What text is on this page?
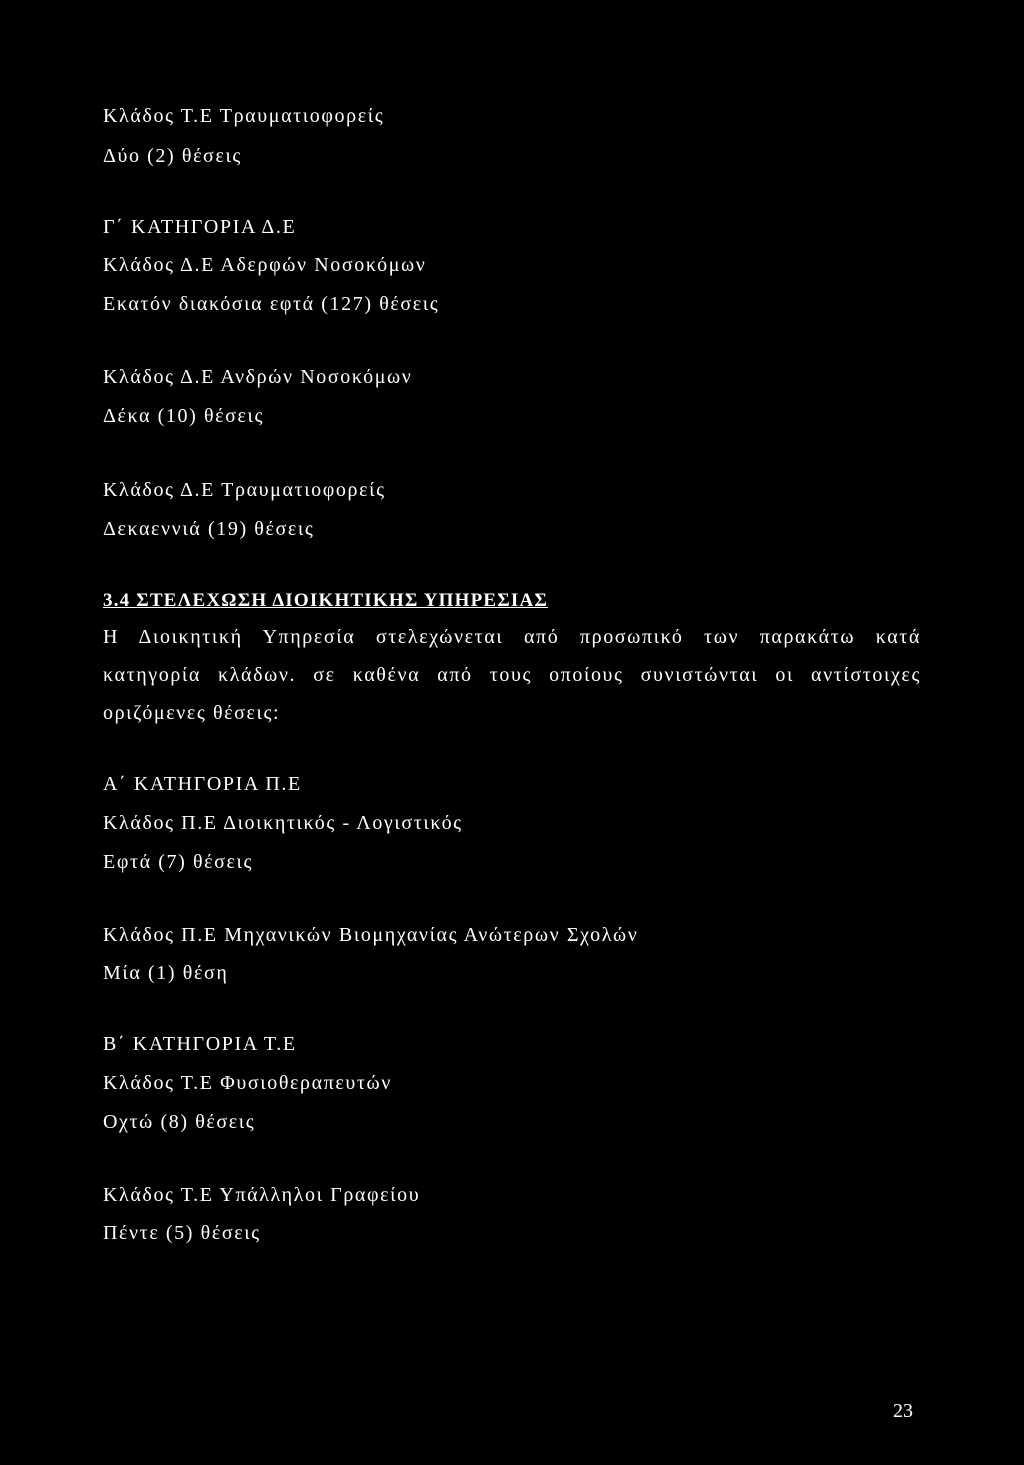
Κλάδος Τ.Ε Τραυματιοφορείς
Δύο (2) θέσεις
Γ΄ ΚΑΤΗΓΟΡΙΑ Δ.Ε
Κλάδος Δ.Ε Αδερφών Νοσοκόμων
Εκατόν διακόσια εφτά (127) θέσεις
Κλάδος Δ.Ε Ανδρών Νοσοκόμων
Δέκα (10) θέσεις
Κλάδος Δ.Ε Τραυματιοφορείς
Δεκαεννιά (19) θέσεις
3.4 ΣΤΕΛΕΧΩΣΗ ΔΙΟΙΚΗΤΙΚΗΣ ΥΠΗΡΕΣΙΑΣ
Η Διοικητική Υπηρεσία στελεχώνεται από προσωπικό των παρακάτω κατά
κατηγορία κλάδων. σε καθένα από τους οποίους συνιστώνται οι αντίστοιχες
οριζόμενες θέσεις:
Α΄ ΚΑΤΗΓΟΡΙΑ Π.Ε
Κλάδος Π.Ε Διοικητικός - Λογιστικός
Εφτά (7) θέσεις
Κλάδος Π.Ε Μηχανικών Βιομηχανίας Ανώτερων Σχολών
Μία (1) θέση
Β΄ ΚΑΤΗΓΟΡΙΑ Τ.Ε
Κλάδος Τ.Ε Φυσιοθεραπευτών
Οχτώ (8) θέσεις
Κλάδος Τ.Ε Υπάλληλοι Γραφείου
Πέντε (5) θέσεις
23
